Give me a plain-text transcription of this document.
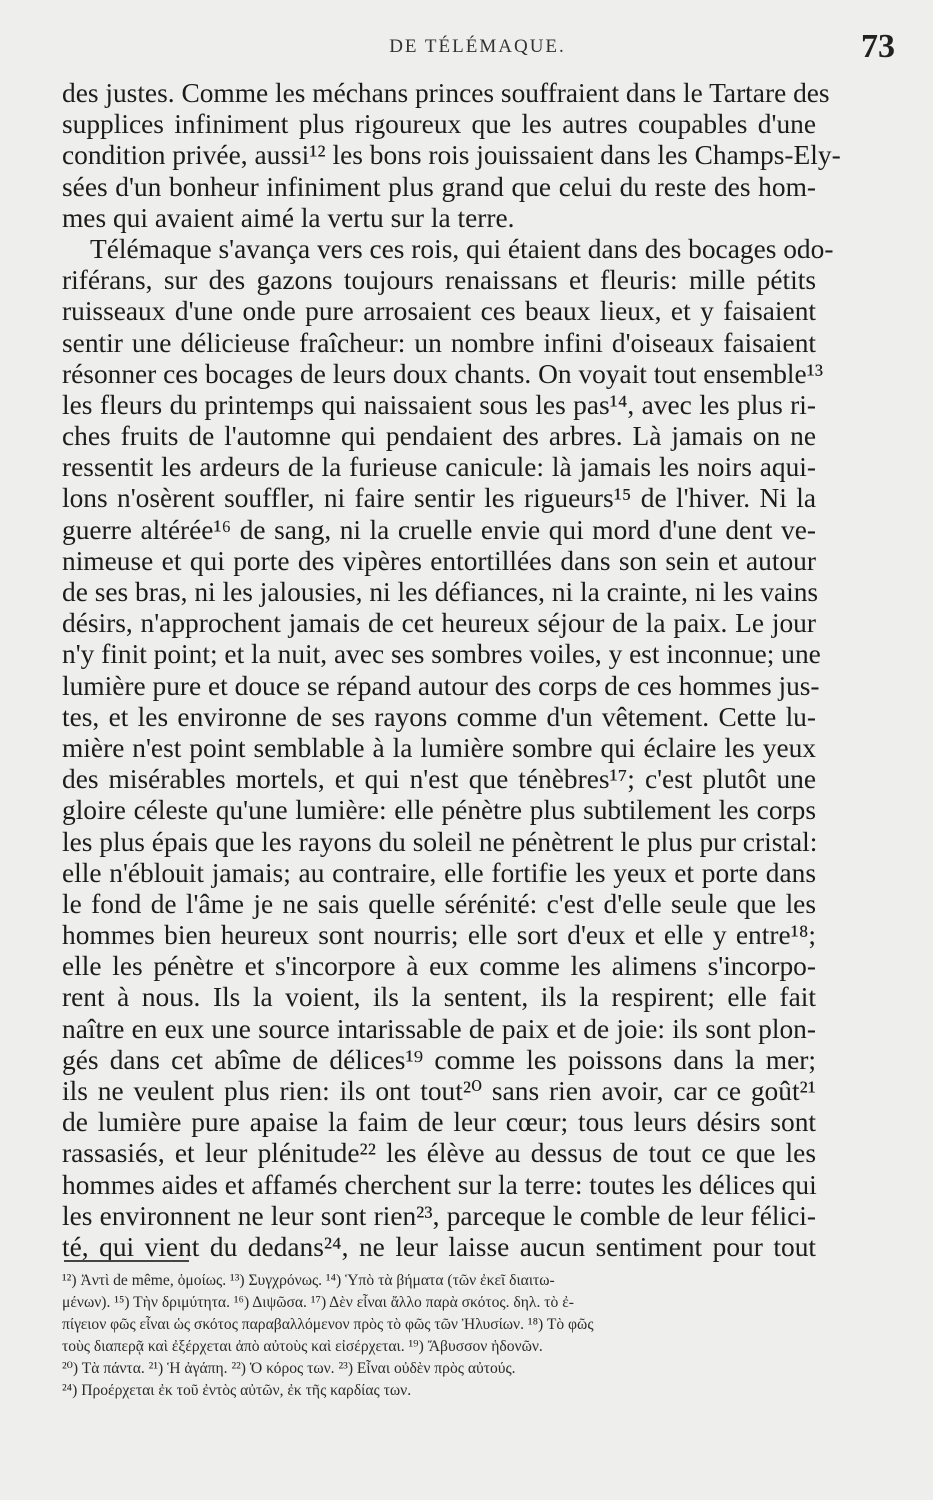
DE TÉLÉMAQUE.	73
des justes. Comme les méchans princes souffraient dans le Tartare des
supplices infiniment plus rigoureux que les autres coupables d'une
condition privée, aussi¹² les bons rois jouissaient dans les Champs-Ely-
sées d'un bonheur infiniment plus grand que celui du reste des hom-
mes qui avaient aimé la vertu sur la terre.
Télémaque s'avança vers ces rois, qui étaient dans des bocages odo-
riférans, sur des gazons toujours renaissans et fleuris: mille pétits
ruisseaux d'une onde pure arrosaient ces beaux lieux, et y faisaient
sentir une délicieuse fraîcheur: un nombre infini d'oiseaux faisaient
résonner ces bocages de leurs doux chants. On voyait tout ensemble¹³
les fleurs du printemps qui naissaient sous les pas¹⁴, avec les plus ri-
ches fruits de l'automne qui pendaient des arbres. Là jamais on ne
ressentit les ardeurs de la furieuse canicule: là jamais les noirs aqui-
lons n'osèrent souffler, ni faire sentir les rigueurs¹⁵ de l'hiver. Ni la
guerre altérée¹⁶ de sang, ni la cruelle envie qui mord d'une dent ve-
nimeuse et qui porte des vipères entortillées dans son sein et autour
de ses bras, ni les jalousies, ni les défiances, ni la crainte, ni les vains
désirs, n'approchent jamais de cet heureux séjour de la paix. Le jour
n'y finit point; et la nuit, avec ses sombres voiles, y est inconnue; une
lumière pure et douce se répand autour des corps de ces hommes jus-
tes, et les environne de ses rayons comme d'un vêtement. Cette lu-
mière n'est point semblable à la lumière sombre qui éclaire les yeux
des misérables mortels, et qui n'est que ténèbres¹⁷; c'est plutôt une
gloire céleste qu'une lumière: elle pénètre plus subtilement les corps
les plus épais que les rayons du soleil ne pénètrent le plus pur cristal:
elle n'éblouit jamais; au contraire, elle fortifie les yeux et porte dans
le fond de l'âme je ne sais quelle sérénité: c'est d'elle seule que les
hommes bien heureux sont nourris; elle sort d'eux et elle y entre¹⁸;
elle les pénètre et s'incorpore à eux comme les alimens s'incorpo-
rent à nous. Ils la voient, ils la sentent, ils la respirent; elle fait
naître en eux une source intarissable de paix et de joie: ils sont plon-
gés dans cet abîme de délices¹⁹ comme les poissons dans la mer;
ils ne veulent plus rien: ils ont tout²⁰ sans rien avoir, car ce goût²¹
de lumière pure apaise la faim de leur cœur; tous leurs désirs sont
rassasiés, et leur plénitude²² les élève au dessus de tout ce que les
hommes aides et affamés cherchent sur la terre: toutes les délices qui
les environnent ne leur sont rien²³, parceque le comble de leur félici-
té, qui vient du dedans²⁴, ne leur laisse aucun sentiment pour tout
¹²) Ἀντὶ de même, ὁμοίως. ¹³) Συγχρόνως. ¹⁴) Ὑπὸ τὰ βήματα (τῶν ἐκεῖ διαιτω-
μένων). ¹⁵) Τὴν δριμύτητα. ¹⁶) Διψῶσα. ¹⁷) Δὲν εἶναι ἄλλο παρὰ σκότος. δηλ. τὸ ἐ-
πίγειον φῶς εἶναι ὡς σκότος παραβαλλόμενον πρὸς τὸ φῶς τῶν Ἠλυσίων. ¹⁸) Τὸ φῶς
τοὺς διαπερᾷ καὶ ἐξέρχεται ἀπὸ αὐτοὺς καὶ εἰσέρχεται. ¹⁹) Ἄβυσσον ἡδονῶν.
²⁰) Τὰ πάντα. ²¹) Ἡ ἀγάπη. ²²) Ὁ κόρος των. ²³) Εἶναι οὐδὲν πρὸς αὐτούς.
²⁴) Προέρχεται ἐκ τοῦ ἐντὸς αὐτῶν, ἐκ τῆς καρδίας των.
